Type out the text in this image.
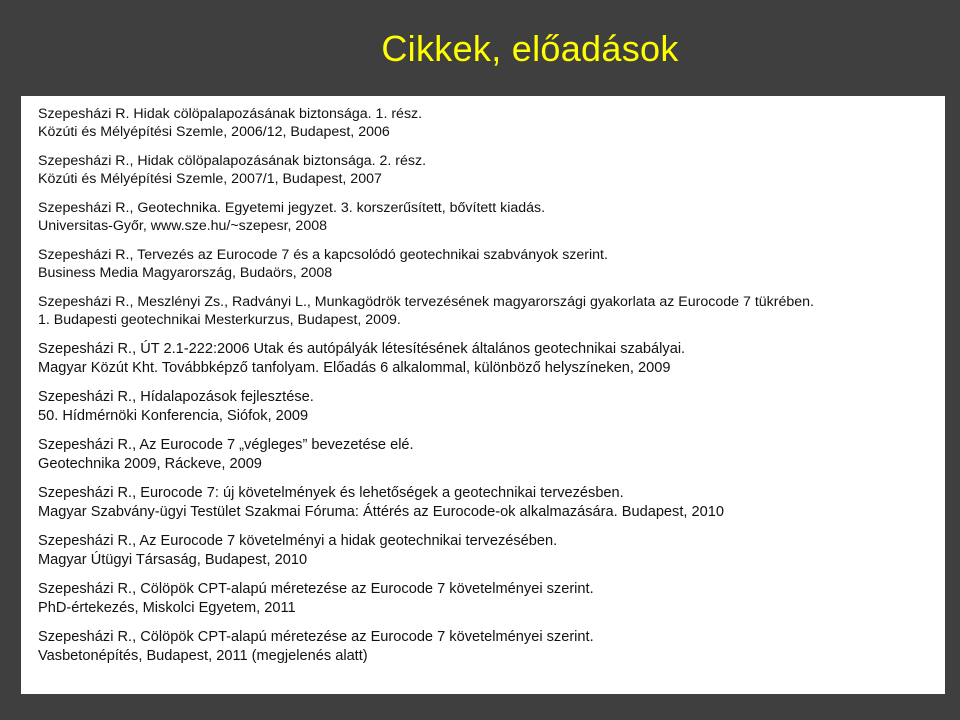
Cikkek, előadások
Szepesházi R. Hidak cölöpalapozásának biztonsága. 1. rész.
Közúti és Mélyépítési Szemle, 2006/12, Budapest, 2006
Szepesházi R., Hidak cölöpalapozásának biztonsága. 2. rész.
Közúti és Mélyépítési Szemle, 2007/1, Budapest, 2007
Szepesházi R., Geotechnika. Egyetemi jegyzet. 3. korszerűsített, bővített kiadás.
Universitas-Győr, www.sze.hu/~szepesr, 2008
Szepesházi R., Tervezés az Eurocode 7 és a kapcsolódó geotechnikai szabványok szerint.
Business Media Magyarország, Budaörs, 2008
Szepesházi R., Meszlényi Zs., Radványi L., Munkagödrök tervezésének magyarországi gyakorlata az Eurocode 7 tükrében.
1. Budapesti geotechnikai Mesterkurzus, Budapest, 2009.
Szepesházi R., ÚT 2.1-222:2006 Utak és autópályák létesítésének általános geotechnikai szabályai.
Magyar Közút Kht. Továbbképző tanfolyam. Előadás 6 alkalommal, különböző helyszíneken, 2009
Szepesházi R., Hídalapozások fejlesztése.
50. Hídmérnöki Konferencia, Siófok, 2009
Szepesházi R., Az Eurocode 7 „végleges” bevezetése elé.
Geotechnika 2009, Ráckeve, 2009
Szepesházi R., Eurocode 7: új követelmények és lehetőségek a geotechnikai tervezésben.
Magyar Szabvány-ügyi Testület Szakmai Fóruma: Áttérés az Eurocode-ok alkalmazására. Budapest, 2010
Szepesházi R., Az Eurocode 7 követelményi a hidak geotechnikai tervezésében.
Magyar Útügyi Társaság, Budapest, 2010
Szepesházi R., Cölöpök CPT-alapú méretezése az Eurocode 7 követelményei szerint.
PhD-értekezés, Miskolci Egyetem, 2011
Szepesházi R., Cölöpök CPT-alapú méretezése az Eurocode 7 követelményei szerint.
Vasbetonépítés, Budapest, 2011 (megjelenés alatt)
